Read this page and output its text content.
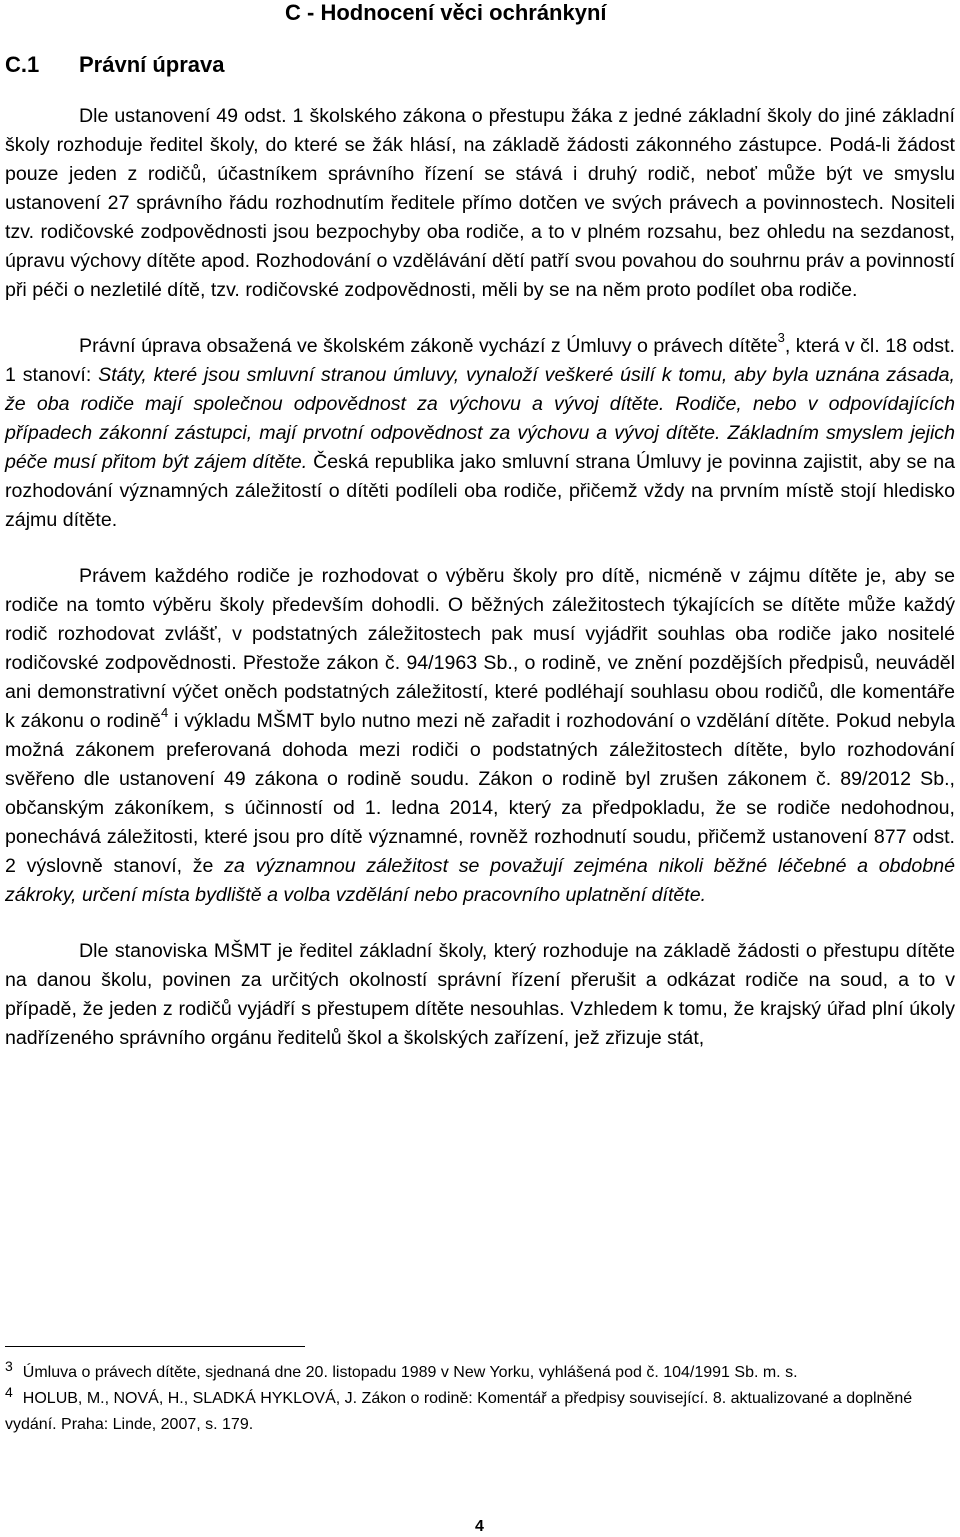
C - Hodnocení věci ochránkyní
C.1 Právní úprava

Dle ustanovení 49 odst. 1 školského zákona o přestupu žáka z jedné základní školy do jiné základní školy rozhoduje ředitel školy, do které se žák hlásí, na základě žádosti zákonného zástupce. Podá-li žádost pouze jeden z rodičů, účastníkem správního řízení se stává i druhý rodič, neboť může být ve smyslu ustanovení 27 správního řádu rozhodnutím ředitele přímo dotčen ve svých právech a povinnostech. Nositeli tzv. rodičovské zodpovědnosti jsou bezpochyby oba rodiče, a to v plném rozsahu, bez ohledu na sezdanost, úpravu výchovy dítěte apod. Rozhodování o vzdělávání dětí patří svou povahou do souhrnu práv a povinností při péči o nezletilé dítě, tzv. rodičovské zodpovědnosti, měli by se na něm proto podílet oba rodiče.

Právní úprava obsažená ve školském zákoně vychází z Úmluvy o právech dítěte$^3$, která v čl. 18 odst. 1 stanoví: Státy, které jsou smluvní stranou úmluvy, vynaloží veškeré úsilí k tomu, aby byla uznána zásada, že oba rodiče mají společnou odpovědnost za výchovu a vývoj dítěte. Rodiče, nebo v odpovídajících případech zákonní zástupci, mají prvotní odpovědnost za výchovu a vývoj dítěte. Základním smyslem jejich péče musí přitom být zájem dítěte. Česká republika jako smluvní strana Úmluvy je povinna zajistit, aby se na rozhodování významných záležitostí o dítěti podíleli oba rodiče, přičemž vždy na prvním místě stojí hledisko zájmu dítěte.

Právem každého rodiče je rozhodovat o výběru školy pro dítě, nicméně v zájmu dítěte je, aby se rodiče na tomto výběru školy především dohodli. O běžných záležitostech týkajících se dítěte může každý rodič rozhodovat zvlášť, v podstatných záležitostech pak musí vyjádřit souhlas oba rodiče jako nositelé rodičovské zodpovědnosti. Přestože zákon č. 94/1963 Sb., o rodině, ve znění pozdějších předpisů, neuváděl ani demonstrativní výčet oněch podstatných záležitostí, které podléhají souhlasu obou rodičů, dle komentáře k zákonu o rodině$^4$ i výkladu MŠMT bylo nutno mezi ně zařadit i rozhodování o vzdělání dítěte. Pokud nebyla možná zákonem preferovaná dohoda mezi rodiči o podstatných záležitostech dítěte, bylo rozhodování svěřeno dle ustanovení 49 zákona o rodině soudu. Zákon o rodině byl zrušen zákonem č. 89/2012 Sb., občanským zákoníkem, s účinností od 1. ledna 2014, který za předpokladu, že se rodiče nedohodnou, ponechává záležitosti, které jsou pro dítě významné, rovněž rozhodnutí soudu, přičemž ustanovení 877 odst. 2 výslovně stanoví, že za významnou záležitost se považují zejména nikoli běžné léčebné a obdobné zákroky, určení místa bydliště a volba vzdělání nebo pracovního uplatnění dítěte.

Dle stanoviska MŠMT je ředitel základní školy, který rozhoduje na základě žádosti o přestupu dítěte na danou školu, povinen za určitých okolností správní řízení přerušit a odkázat rodiče na soud, a to v případě, že jeden z rodičů vyjádří s přestupem dítěte nesouhlas. Vzhledem k tomu, že krajský úřad plní úkoly nadřízeného správního orgánu ředitelů škol a školských zařízení, jež zřizuje stát,

$^3$ Úmluva o právech dítěte, sjednaná dne 20. listopadu 1989 v New Yorku, vyhlášená pod č. 104/1991 Sb. m. s.

$^4$ HOLUB, M., NOVÁ, H., SLADKÁ HYKLOVÁ, J. Zákon o rodině: Komentář a předpisy související. 8. aktualizované a doplněné vydání. Praha: Linde, 2007, s. 179.

4
